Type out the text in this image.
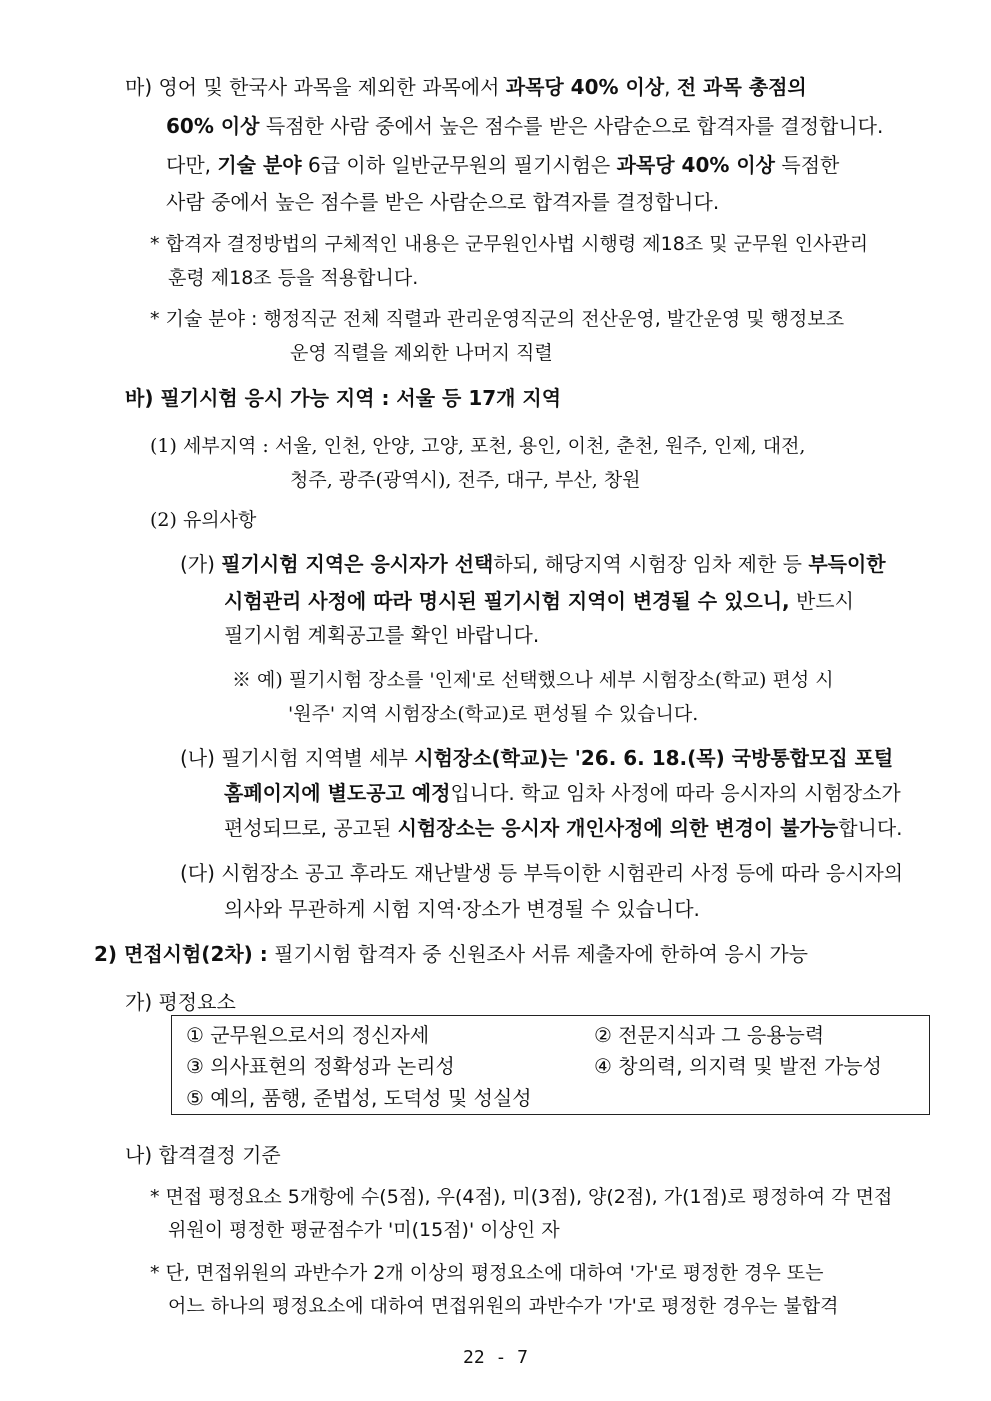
마) 영어 및 한국사 과목을 제외한 과목에서 과목당 40% 이상, 전 과목 총점의
60% 이상 득점한 사람 중에서 높은 점수를 받은 사람순으로 합격자를 결정합니다.
다만, 기술 분야 6급 이하 일반군무원의 필기시험은 과목당 40% 이상 득점한
사람 중에서 높은 점수를 받은 사람순으로 합격자를 결정합니다.
* 합격자 결정방법의 구체적인 내용은 군무원인사법 시행령 제18조 및 군무원 인사관리
훈령 제18조 등을 적용합니다.
* 기술 분야 : 행정직군 전체 직렬과 관리운영직군의 전산운영, 발간운영 및 행정보조
운영 직렬을 제외한 나머지 직렬
바) 필기시험 응시 가능 지역 : 서울 등 17개 지역
(1) 세부지역 : 서울, 인천, 안양, 고양, 포천, 용인, 이천, 춘천, 원주, 인제, 대전,
청주, 광주(광역시), 전주, 대구, 부산, 창원
(2) 유의사항
(가) 필기시험 지역은 응시자가 선택하되, 해당지역 시험장 임차 제한 등 부득이한
시험관리 사정에 따라 명시된 필기시험 지역이 변경될 수 있으니, 반드시
필기시험 계획공고를 확인 바랍니다.
※ 예) 필기시험 장소를 '인제'로 선택했으나 세부 시험장소(학교) 편성 시
'원주' 지역 시험장소(학교)로 편성될 수 있습니다.
(나) 필기시험 지역별 세부 시험장소(학교)는 '26. 6. 18.(목) 국방통합모집 포털
홈페이지에 별도공고 예정입니다. 학교 임차 사정에 따라 응시자의 시험장소가
편성되므로, 공고된 시험장소는 응시자 개인사정에 의한 변경이 불가능합니다.
(다) 시험장소 공고 후라도 재난발생 등 부득이한 시험관리 사정 등에 따라 응시자의
의사와 무관하게 시험 지역·장소가 변경될 수 있습니다.
2) 면접시험(2차) : 필기시험 합격자 중 신원조사 서류 제출자에 한하여 응시 가능
가) 평정요소
① 군무원으로서의 정신자세	② 전문지식과 그 응용능력
③ 의사표현의 정확성과 논리성	④ 창의력, 의지력 및 발전 가능성
⑤ 예의, 품행, 준법성, 도덕성 및 성실성
나) 합격결정 기준
* 면접 평정요소 5개항에 수(5점), 우(4점), 미(3점), 양(2점), 가(1점)로 평정하여 각 면접
위원이 평정한 평균점수가 '미(15점)' 이상인 자
* 단, 면접위원의 과반수가 2개 이상의 평정요소에 대하여 '가'로 평정한 경우 또는
어느 하나의 평정요소에 대하여 면접위원의 과반수가 '가'로 평정한 경우는 불합격
22 - 7
